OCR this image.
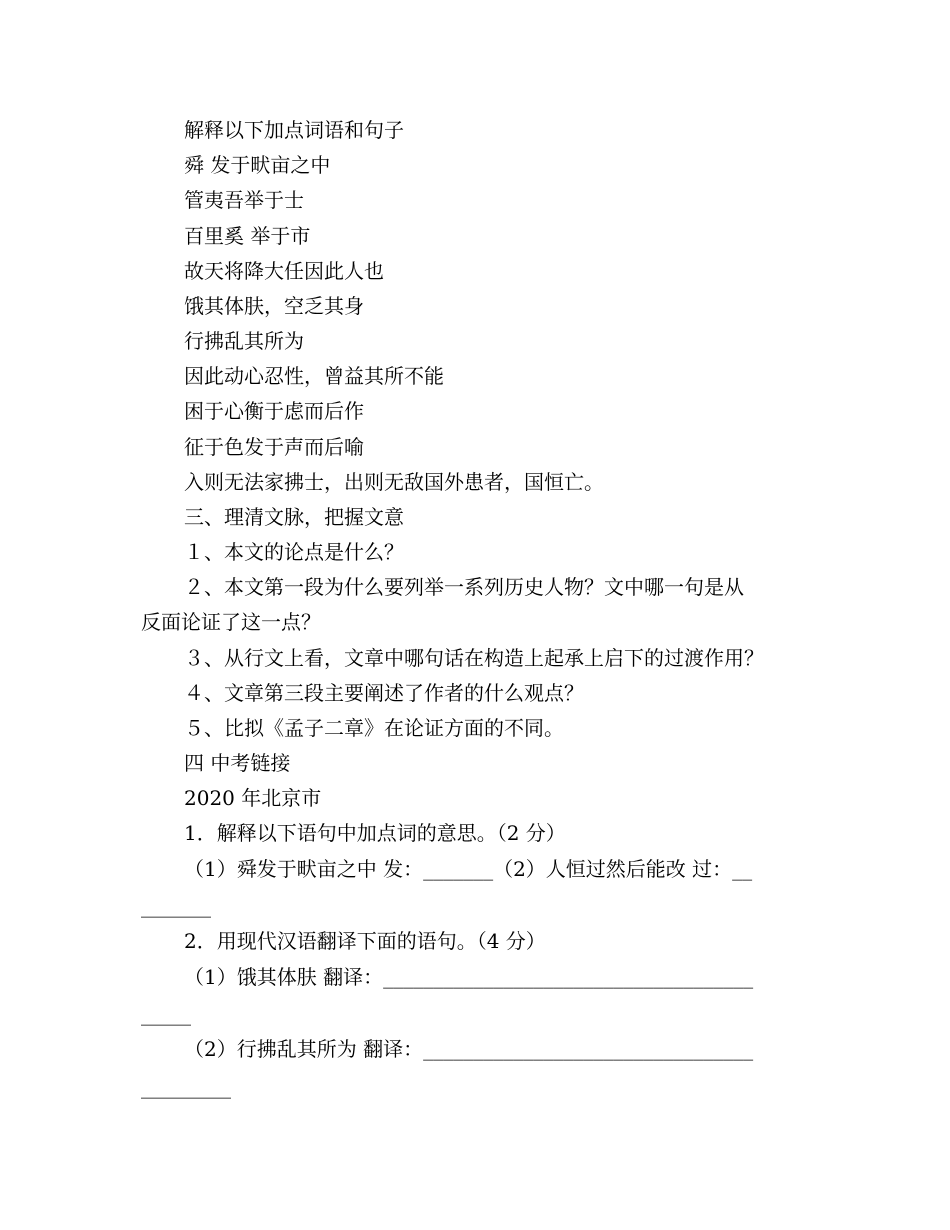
解释以下加点词语和句子
舜 发于畎亩之中
管夷吾举于士
百里奚 举于市
故天将降大任因此人也
饿其体肤，空乏其身
行拂乱其所为
因此动心忍性，曾益其所不能
困于心衡于虑而后作
征于色发于声而后喻
入则无法家拂士，出则无敌国外患者，国恒亡。
三、理清文脉，把握文意
１、本文的论点是什么？
２、本文第一段为什么要列举一系列历史人物？文中哪一句是从
反面论证了这一点？
３、从行文上看，文章中哪句话在构造上起承上启下的过渡作用？
４、文章第三段主要阐述了作者的什么观点？
５、比拟《孟子二章》在论证方面的不同。
四 中考链接
2020 年北京市
1．解释以下语句中加点词的意思。（2 分）
（1）舜发于畎亩之中 发：_______（2）人恒过然后能改 过：__
_______
2．用现代汉语翻译下面的语句。（4 分）
（1）饿其体肤 翻译：_____________________________________
_____
（2）行拂乱其所为 翻译：_________________________________
_________
